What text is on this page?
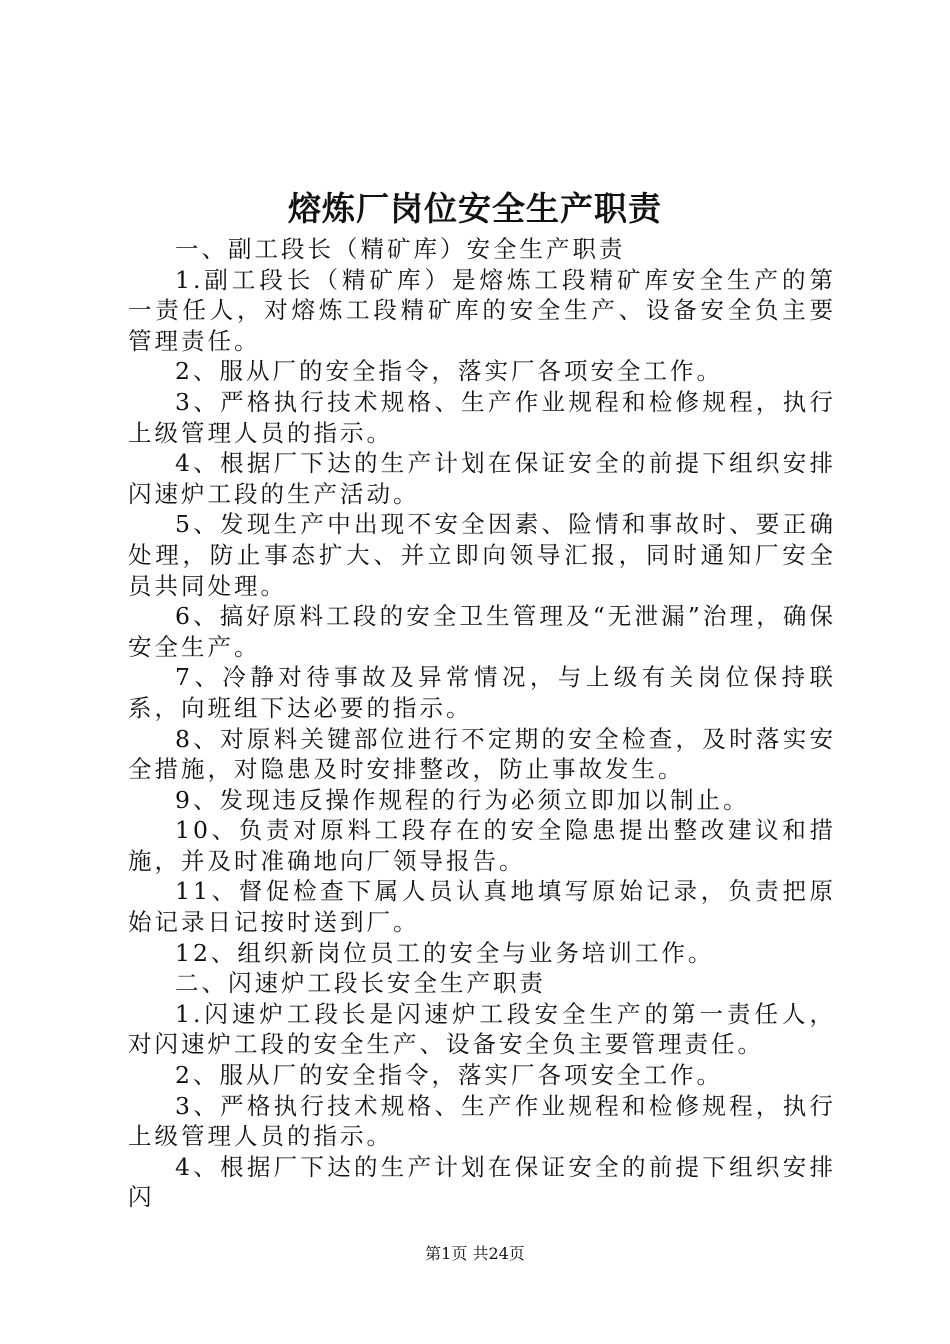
熔炼厂岗位安全生产职责

一、副工段长（精矿库）安全生产职责

1.副工段长（精矿库）是熔炼工段精矿库安全生产的第一责任人，对熔炼工段精矿库的安全生产、设备安全负主要管理责任。

2、服从厂的安全指令，落实厂各项安全工作。

3、严格执行技术规格、生产作业规程和检修规程，执行上级管理人员的指示。

4、根据厂下达的生产计划在保证安全的前提下组织安排闪速炉工段的生产活动。

5、发现生产中出现不安全因素、险情和事故时、要正确处理，防止事态扩大、并立即向领导汇报，同时通知厂安全员共同处理。

6、搞好原料工段的安全卫生管理及“无泄漏”治理，确保安全生产。

7、冷静对待事故及异常情况，与上级有关岗位保持联系，向班组下达必要的指示。

8、对原料关键部位进行不定期的安全检查，及时落实安全措施，对隐患及时安排整改，防止事故发生。

9、发现违反操作规程的行为必须立即加以制止。

10、负责对原料工段存在的安全隐患提出整改建议和措施，并及时准确地向厂领导报告。

11、督促检查下属人员认真地填写原始记录，负责把原始记录日记按时送到厂。

12、组织新岗位员工的安全与业务培训工作。

二、闪速炉工段长安全生产职责

1.闪速炉工段长是闪速炉工段安全生产的第一责任人，对闪速炉工段的安全生产、设备安全负主要管理责任。

2、服从厂的安全指令，落实厂各项安全工作。

3、严格执行技术规格、生产作业规程和检修规程，执行上级管理人员的指示。

4、根据厂下达的生产计划在保证安全的前提下组织安排闪

第1页 共24页
